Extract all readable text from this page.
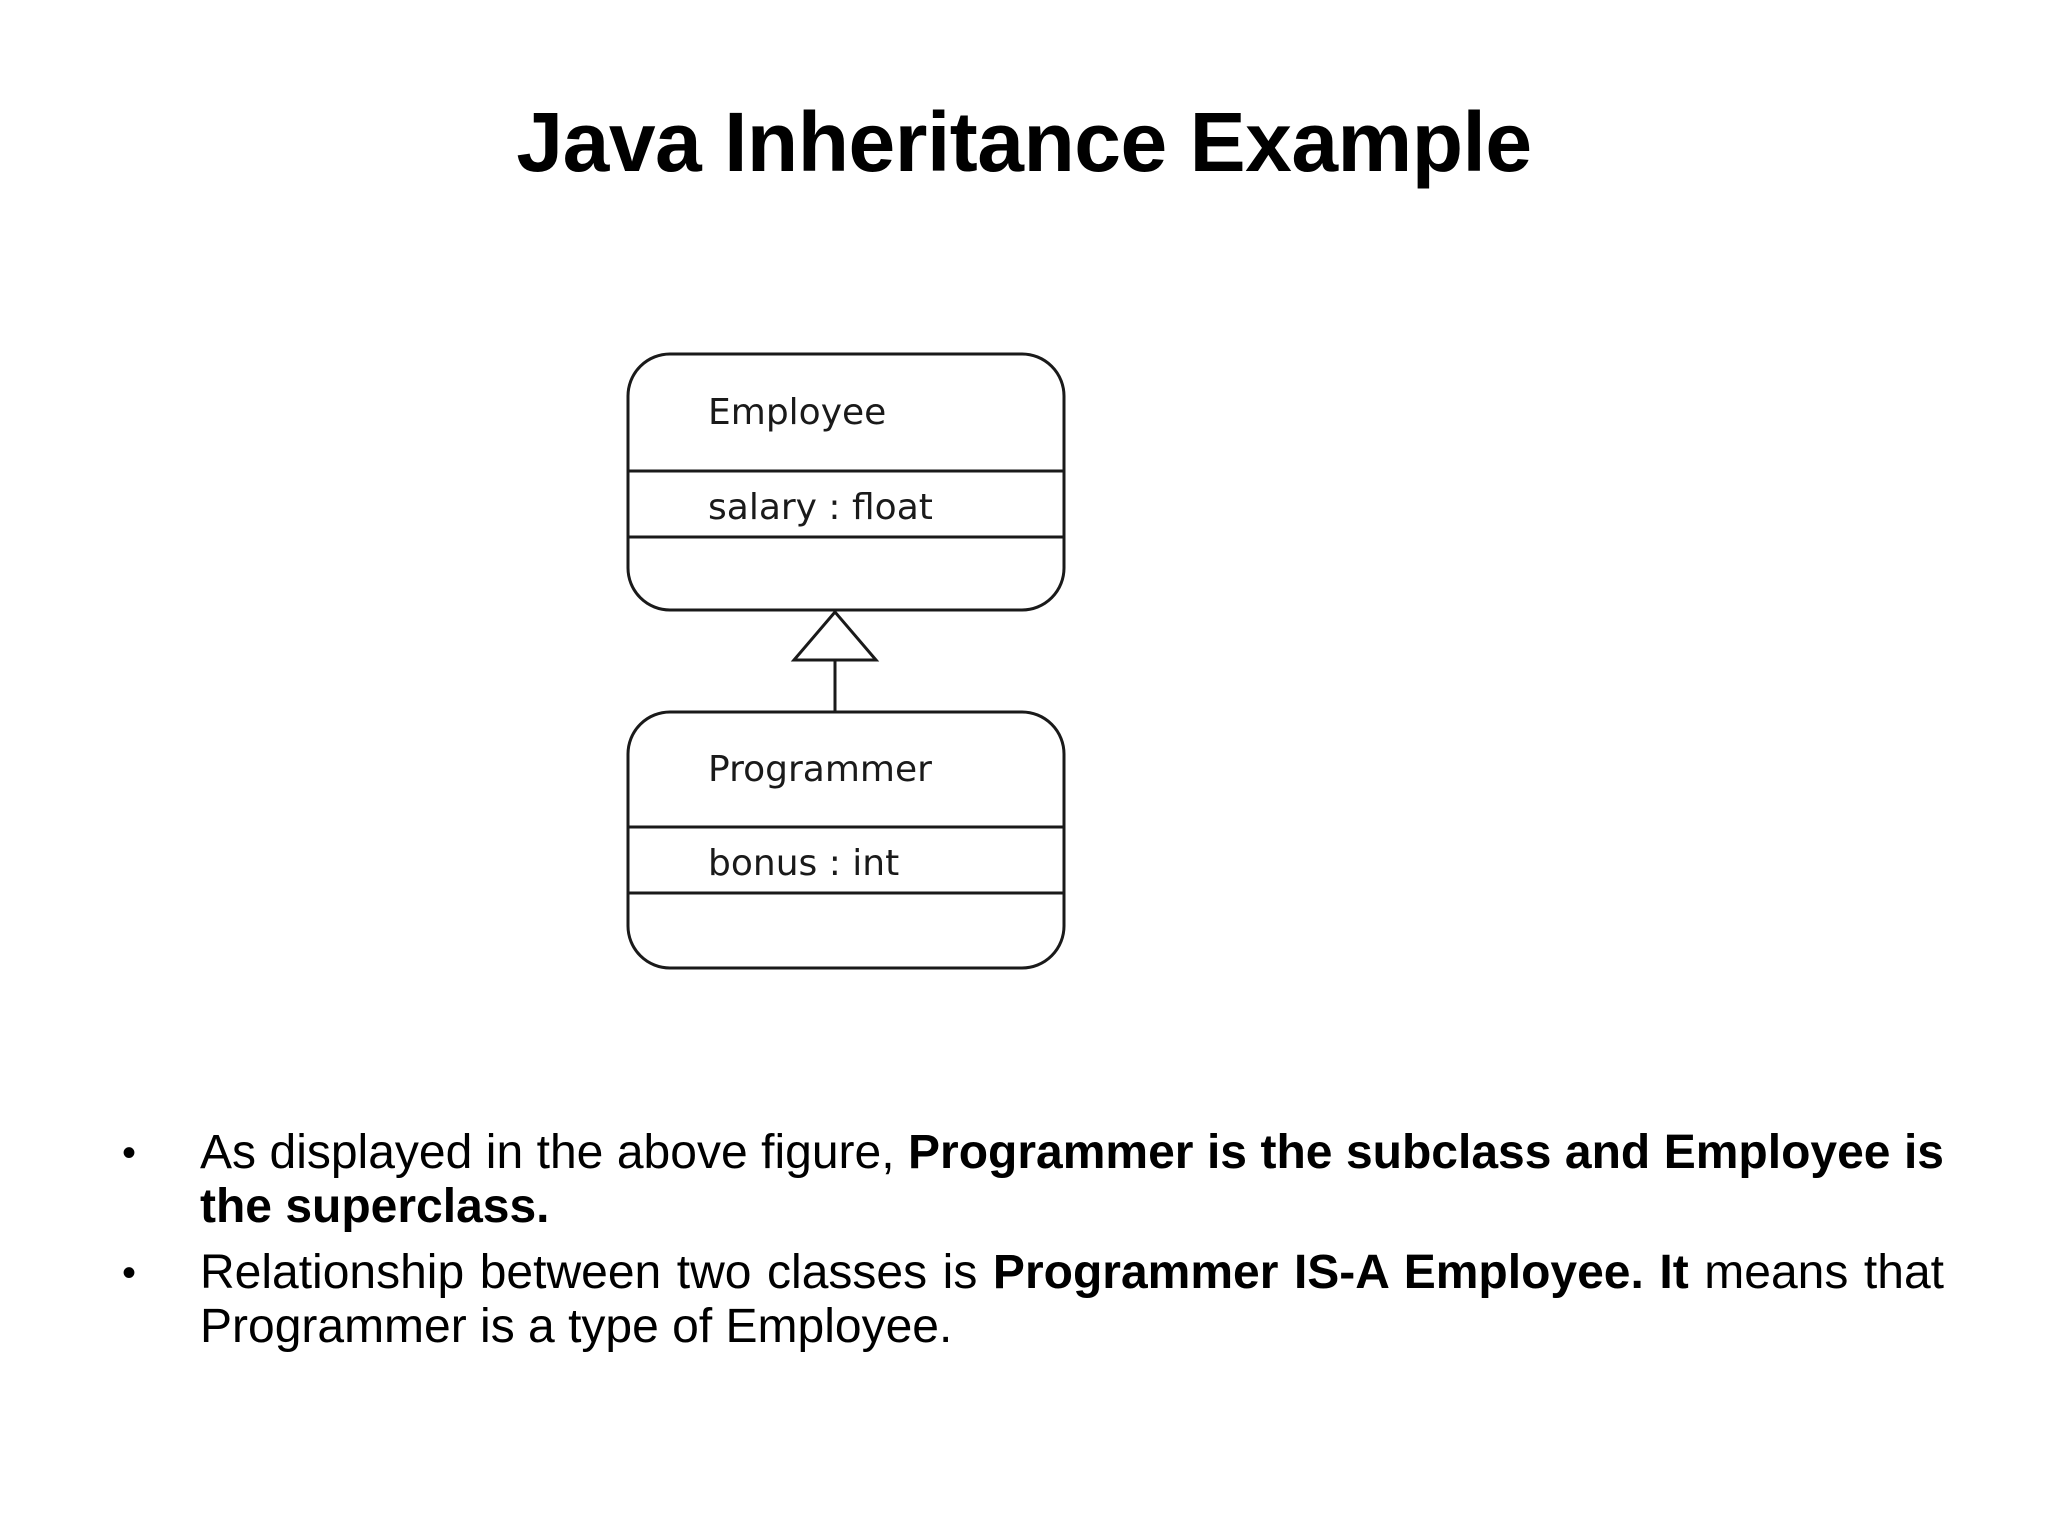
Java Inheritance Example
Employee
salary : float
Programmer
bonus : int
• As displayed in the above figure, Programmer is the subclass and Employee is the superclass.
• Relationship between two classes is Programmer IS-A Employee. It means that Programmer is a type of Employee.
